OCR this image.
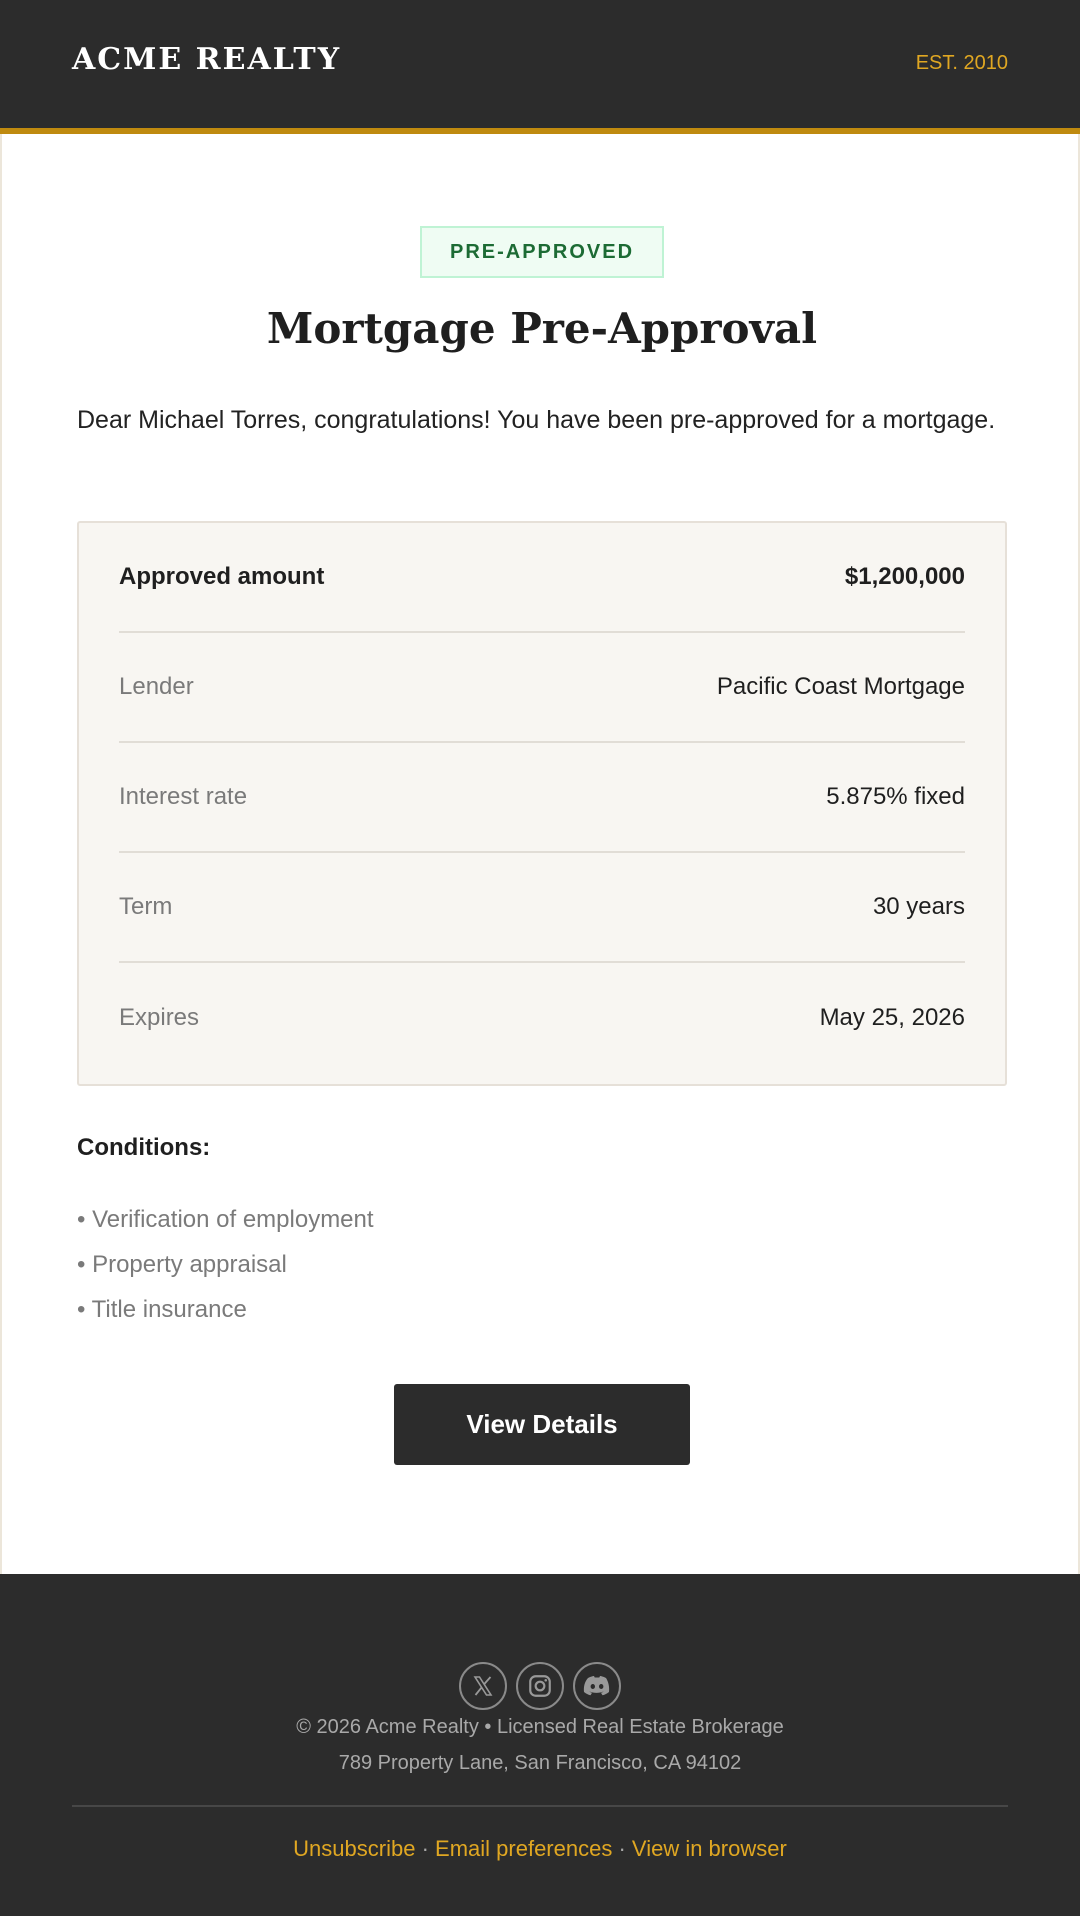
ACME REALTY	EST. 2010
PRE-APPROVED
Mortgage Pre-Approval

Dear Michael Torres, congratulations! You have been pre-approved for a mortgage.

Approved amount	$1,200,000
Lender	Pacific Coast Mortgage
Interest rate	5.875% fixed
Term	30 years
Expires	May 25, 2026
Conditions:
• Verification of employment
• Property appraisal
• Title insurance
View Details
© 2026 Acme Realty • Licensed Real Estate Brokerage
789 Property Lane, San Francisco, CA 94102
Unsubscribe · Email preferences · View in browser
